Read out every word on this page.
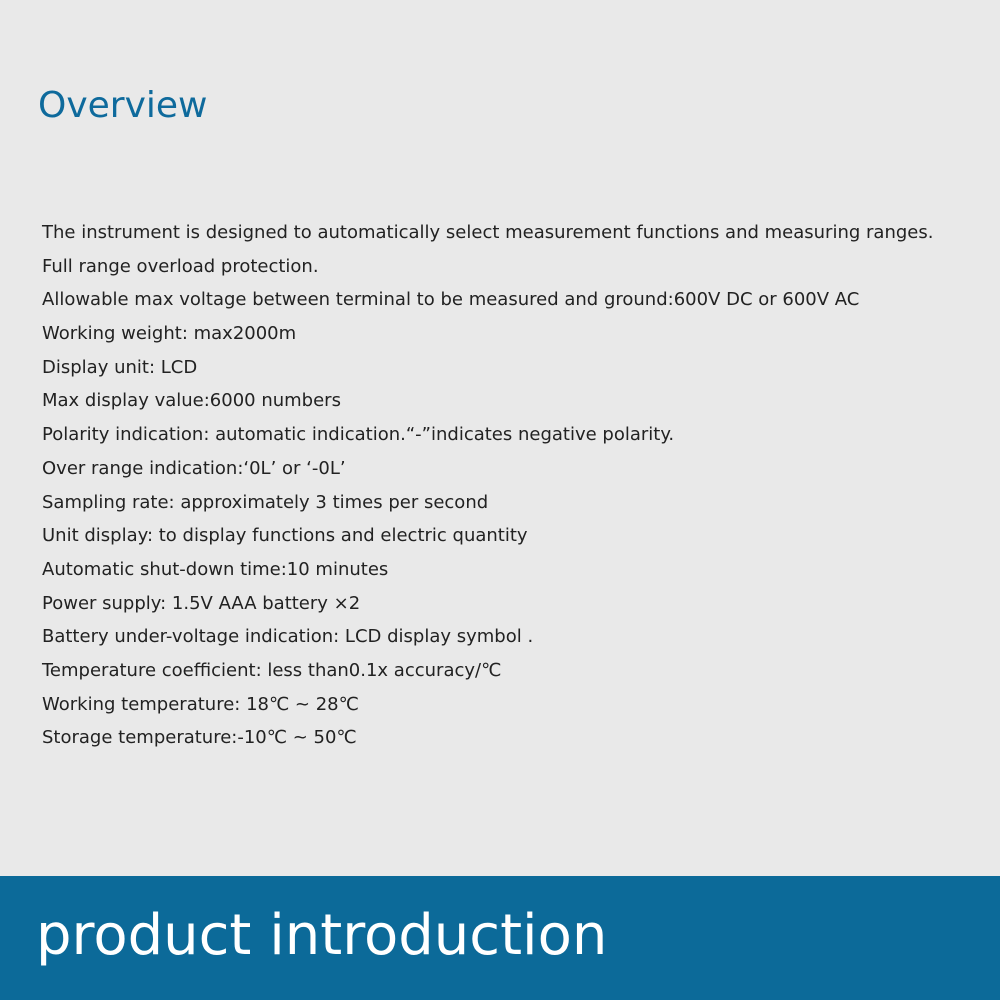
Overview
The instrument is designed to automatically select measurement functions and measuring ranges.
Full range overload protection.
Allowable max voltage between terminal to be measured and ground:600V DC or 600V AC
Working weight: max2000m
Display unit: LCD
Max display value:6000 numbers
Polarity indication: automatic indication.“-”indicates negative polarity.
Over range indication:‘0L’ or ‘-0L’
Sampling rate: approximately 3 times per second
Unit display: to display functions and electric quantity
Automatic shut-down time:10 minutes
Power supply: 1.5V AAA battery ×2
Battery under-voltage indication: LCD display symbol .
Temperature coefficient: less than0.1x accuracy/℃
Working temperature: 18℃ ~ 28℃
Storage temperature:-10℃ ~ 50℃

product introduction
